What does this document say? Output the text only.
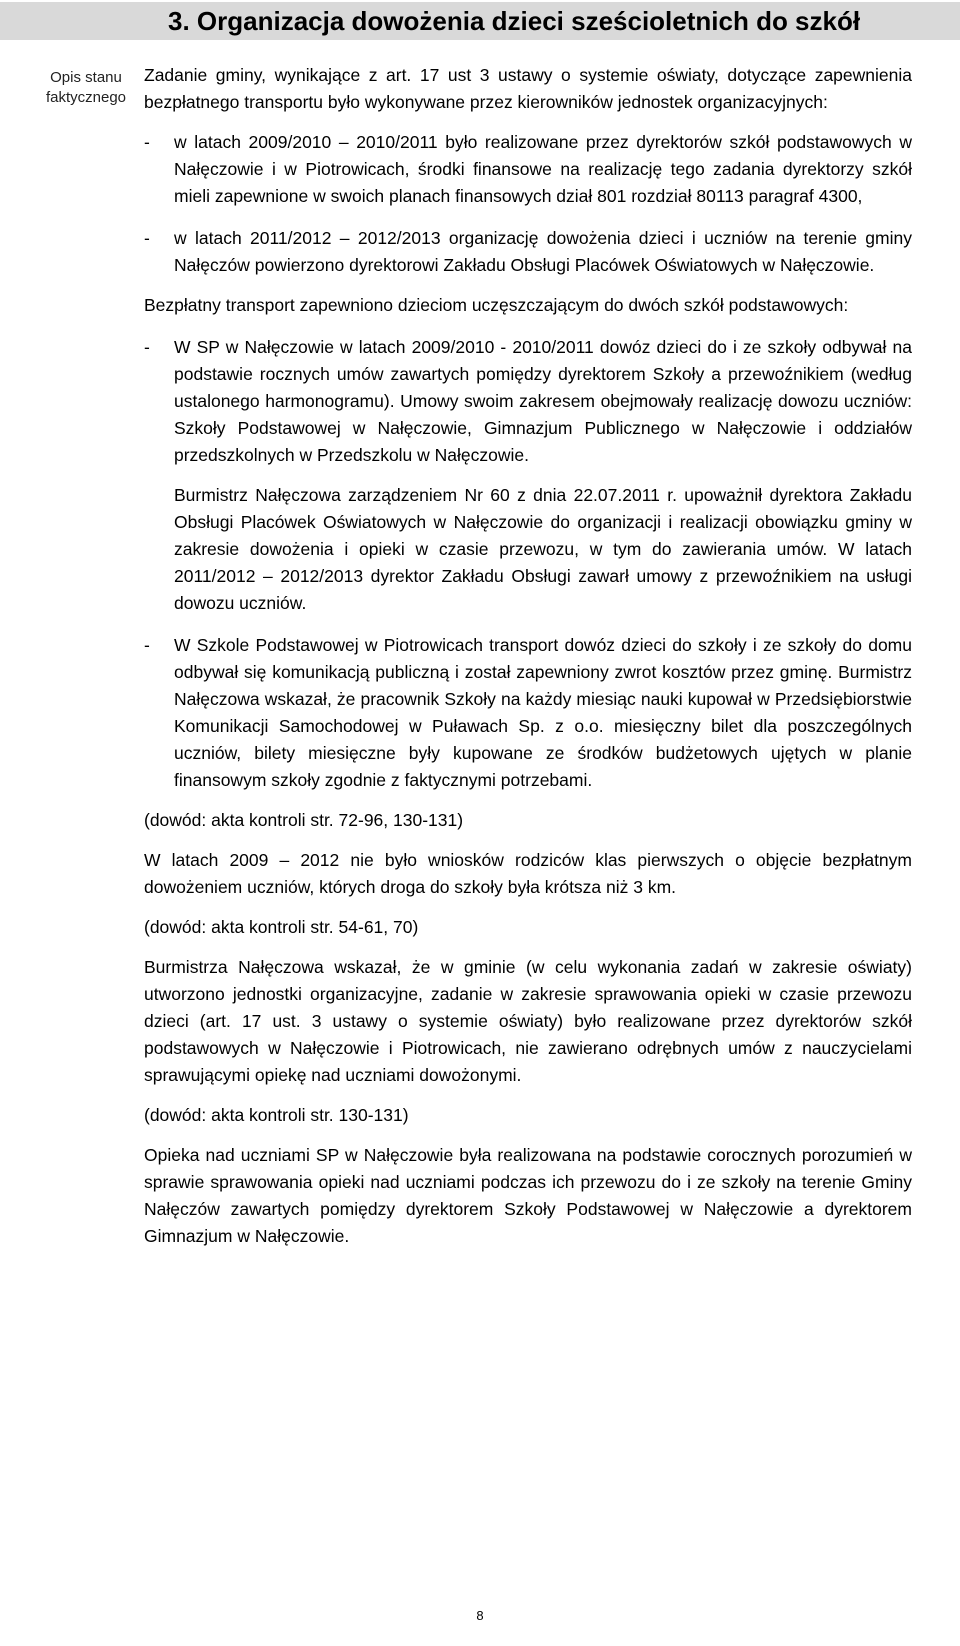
3. Organizacja dowożenia dzieci sześcioletnich do szkół
Opis stanu faktycznego

Zadanie gminy, wynikające z art. 17 ust 3 ustawy o systemie oświaty, dotyczące zapewnienia bezpłatnego transportu było wykonywane przez kierowników jednostek organizacyjnych:

-	w latach 2009/2010 – 2010/2011 było realizowane przez dyrektorów szkół podstawowych w Nałęczowie i w Piotrowicach, środki finansowe na realizację tego zadania dyrektorzy szkół mieli zapewnione w swoich planach finansowych dział 801 rozdział 80113 paragraf 4300,
-	w latach 2011/2012 – 2012/2013 organizację dowożenia dzieci i uczniów na terenie gminy Nałęczów powierzono dyrektorowi Zakładu Obsługi Placówek Oświatowych w Nałęczowie.

Bezpłatny transport zapewniono dzieciom uczęszczającym do dwóch szkół podstawowych:

-	W SP w Nałęczowie w latach 2009/2010 - 2010/2011 dowóz dzieci do i ze szkoły odbywał na podstawie rocznych umów zawartych pomiędzy dyrektorem Szkoły a przewoźnikiem (według ustalonego harmonogramu). Umowy swoim zakresem obejmowały realizację dowozu uczniów: Szkoły Podstawowej w Nałęczowie, Gimnazjum Publicznego w Nałęczowie i oddziałów przedszkolnych w Przedszkolu w Nałęczowie.

Burmistrz Nałęczowa zarządzeniem Nr 60 z dnia 22.07.2011 r. upoważnił dyrektora Zakładu Obsługi Placówek Oświatowych w Nałęczowie do organizacji i realizacji obowiązku gminy w zakresie dowożenia i opieki w czasie przewozu, w tym do zawierania umów. W latach 2011/2012 – 2012/2013 dyrektor Zakładu Obsługi zawarł umowy z przewoźnikiem na usługi dowozu uczniów.

-	W Szkole Podstawowej w Piotrowicach transport dowóz dzieci do szkoły i ze szkoły do domu odbywał się komunikacją publiczną i został zapewniony zwrot kosztów przez gminę. Burmistrz Nałęczowa wskazał, że pracownik Szkoły na każdy miesiąc nauki kupował w Przedsiębiorstwie Komunikacji Samochodowej w Puławach Sp. z o.o. miesięczny bilet dla poszczególnych uczniów, bilety miesięczne były kupowane ze środków budżetowych ujętych w planie finansowym szkoły zgodnie z faktycznymi potrzebami.

(dowód: akta kontroli str. 72-96, 130-131)

W latach 2009 – 2012 nie było wniosków rodziców klas pierwszych o objęcie bezpłatnym dowożeniem uczniów, których droga do szkoły była krótsza niż 3 km.

(dowód: akta kontroli str. 54-61, 70)

Burmistrza Nałęczowa wskazał, że w gminie (w celu wykonania zadań w zakresie oświaty) utworzono jednostki organizacyjne, zadanie w zakresie sprawowania opieki w czasie przewozu dzieci (art. 17 ust. 3 ustawy o systemie oświaty) było realizowane przez dyrektorów szkół podstawowych w Nałęczowie i Piotrowicach, nie zawierano odrębnych umów z nauczycielami sprawującymi opiekę nad uczniami dowożonymi.

(dowód: akta kontroli str. 130-131)

Opieka nad uczniami SP w Nałęczowie była realizowana na podstawie corocznych porozumień w sprawie sprawowania opieki nad uczniami podczas ich przewozu do i ze szkoły na terenie Gminy Nałęczów zawartych pomiędzy dyrektorem Szkoły Podstawowej w Nałęczowie a dyrektorem Gimnazjum w Nałęczowie.

8
